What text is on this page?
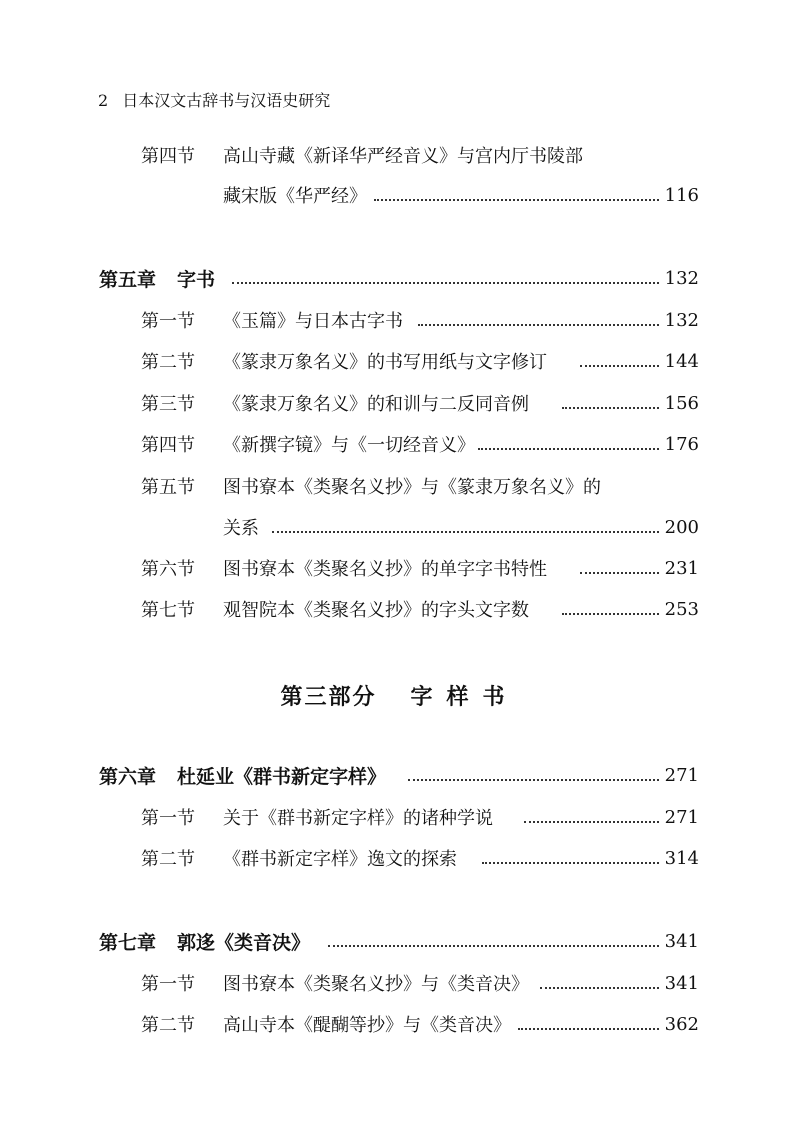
2 日本汉文古辞书与汉语史研究
第四节 高山寺藏《新译华严经音义》与宫内厅书陵部
藏宋版《华严经》	116
第五章 字书	132
第一节 《玉篇》与日本古字书	132
第二节 《篆隶万象名义》的书写用纸与文字修订	144
第三节 《篆隶万象名义》的和训与二反同音例	156
第四节 《新撰字镜》与《一切经音义》	176
第五节 图书寮本《类聚名义抄》与《篆隶万象名义》的
关系	200
第六节 图书寮本《类聚名义抄》的单字字书特性	231
第七节 观智院本《类聚名义抄》的字头文字数	253
第三部分 字样书
第六章 杜延业《群书新定字样》	271
第一节 关于《群书新定字样》的诸种学说	271
第二节 《群书新定字样》逸文的探索	314
第七章 郭迻《类音决》	341
第一节 图书寮本《类聚名义抄》与《类音决》	341
第二节 高山寺本《醍醐等抄》与《类音决》	362
